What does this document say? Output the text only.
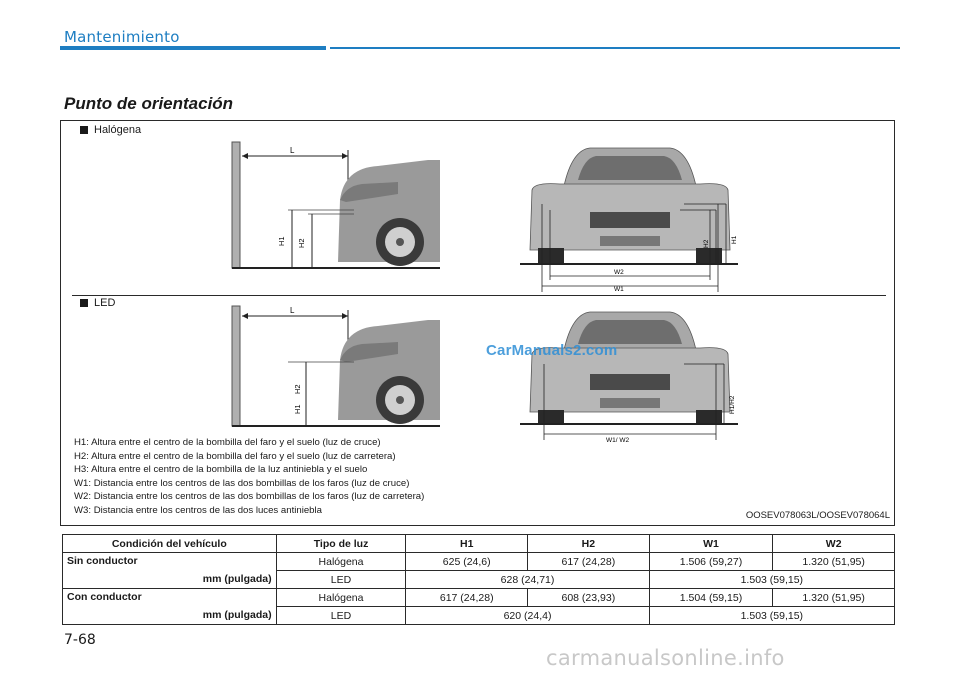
Mantenimiento
Punto de orientación
Halógena
LED
L
H1 H2
W2
W1
H2	H1
L
H1
H2
W1/ W2
H1/H2
CarManuals2.com
H1: Altura entre el centro de la bombilla del faro y el suelo (luz de cruce)
H2: Altura entre el centro de la bombilla del faro y el suelo (luz de carretera)
H3: Altura entre el centro de la bombilla de la luz antiniebla y el suelo
W1: Distancia entre los centros de las dos bombillas de los faros (luz de cruce)
W2: Distancia entre los centros de las dos bombillas de los faros (luz de carretera)
W3: Distancia entre los centros de las dos luces antiniebla	OOSEV078063L/OOSEV078064L
Condición del vehículo	Tipo de luz	H1	H2	W1	W2
Sin conductor
mm (pulgada)	Halógena	625 (24,6)	617 (24,28)	1.506 (59,27)	1.320 (51,95)
	LED	628 (24,71)		1.503 (59,15)	
Con conductor
mm (pulgada)	Halógena	617 (24,28)	608 (23,93)	1.504 (59,15)	1.320 (51,95)
	LED	620 (24,4)		1.503 (59,15)	
7-68
carmanualsonline.info
